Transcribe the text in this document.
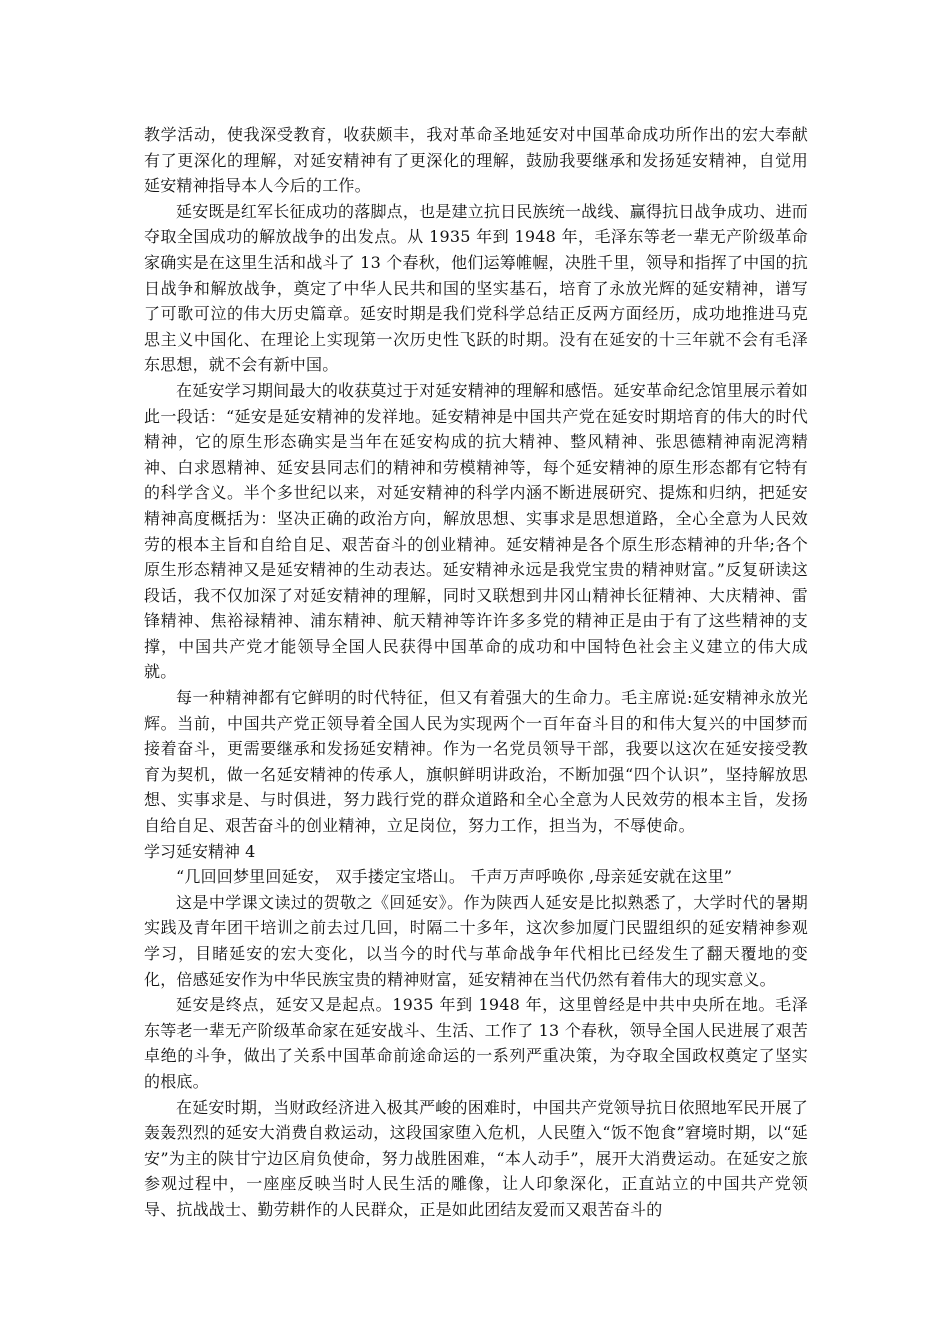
教学活动，使我深受教育，收获颇丰，我对革命圣地延安对中国革命成功所作出的宏大奉献有了更深化的理解，对延安精神有了更深化的理解，鼓励我要继承和发扬延安精神，自觉用延安精神指导本人今后的工作。

延安既是红军长征成功的落脚点，也是建立抗日民族统一战线、赢得抗日战争成功、进而夺取全国成功的解放战争的出发点。从 1935 年到 1948 年，毛泽东等老一辈无产阶级革命家确实是在这里生活和战斗了 13 个春秋，他们运筹帷幄，决胜千里，领导和指挥了中国的抗日战争和解放战争，奠定了中华人民共和国的坚实基石，培育了永放光辉的延安精神，谱写了可歌可泣的伟大历史篇章。延安时期是我们党科学总结正反两方面经历，成功地推进马克思主义中国化、在理论上实现第一次历史性飞跃的时期。没有在延安的十三年就不会有毛泽东思想，就不会有新中国。

在延安学习期间最大的收获莫过于对延安精神的理解和感悟。延安革命纪念馆里展示着如此一段话：“延安是延安精神的发祥地。延安精神是中国共产党在延安时期培育的伟大的时代精神，它的原生形态确实是当年在延安构成的抗大精神、整风精神、张思德精神南泥湾精神、白求恩精神、延安县同志们的精神和劳模精神等，每个延安精神的原生形态都有它特有的科学含义。半个多世纪以来，对延安精神的科学内涵不断进展研究、提炼和归纳，把延安精神高度概括为：坚决正确的政治方向，解放思想、实事求是思想道路，全心全意为人民效劳的根本主旨和自给自足、艰苦奋斗的创业精神。延安精神是各个原生形态精神的升华;各个原生形态精神又是延安精神的生动表达。延安精神永远是我党宝贵的精神财富。”反复研读这段话，我不仅加深了对延安精神的理解，同时又联想到井冈山精神长征精神、大庆精神、雷锋精神、焦裕禄精神、浦东精神、航天精神等许许多多党的精神正是由于有了这些精神的支撑，中国共产党才能领导全国人民获得中国革命的成功和中国特色社会主义建立的伟大成就。

每一种精神都有它鲜明的时代特征，但又有着强大的生命力。毛主席说:延安精神永放光辉。当前，中国共产党正领导着全国人民为实现两个一百年奋斗目的和伟大复兴的中国梦而接着奋斗，更需要继承和发扬延安精神。作为一名党员领导干部，我要以这次在延安接受教育为契机，做一名延安精神的传承人，旗帜鲜明讲政治，不断加强“四个认识”，坚持解放思想、实事求是、与时俱进，努力践行党的群众道路和全心全意为人民效劳的根本主旨，发扬自给自足、艰苦奋斗的创业精神，立足岗位，努力工作，担当为，不辱使命。

学习延安精神 4

“几回回梦里回延安， 双手搂定宝塔山。 千声万声呼唤你 ,母亲延安就在这里”

这是中学课文读过的贺敬之《回延安》。作为陕西人延安是比拟熟悉了，大学时代的暑期实践及青年团干培训之前去过几回，时隔二十多年，这次参加厦门民盟组织的延安精神参观学习，目睹延安的宏大变化，以当今的时代与革命战争年代相比已经发生了翻天覆地的变化，倍感延安作为中华民族宝贵的精神财富，延安精神在当代仍然有着伟大的现实意义。

延安是终点，延安又是起点。1935 年到 1948 年，这里曾经是中共中央所在地。毛泽东等老一辈无产阶级革命家在延安战斗、生活、工作了 13 个春秋，领导全国人民进展了艰苦卓绝的斗争，做出了关系中国革命前途命运的一系列严重决策，为夺取全国政权奠定了坚实的根底。

在延安时期，当财政经济进入极其严峻的困难时，中国共产党领导抗日依照地军民开展了轰轰烈烈的延安大消费自救运动，这段国家堕入危机，人民堕入“饭不饱食”窘境时期，以“延安”为主的陕甘宁边区肩负使命，努力战胜困难，“本人动手”，展开大消费运动。在延安之旅参观过程中，一座座反映当时人民生活的雕像，让人印象深化，正直站立的中国共产党领导、抗战战士、勤劳耕作的人民群众，正是如此团结友爱而又艰苦奋斗的
